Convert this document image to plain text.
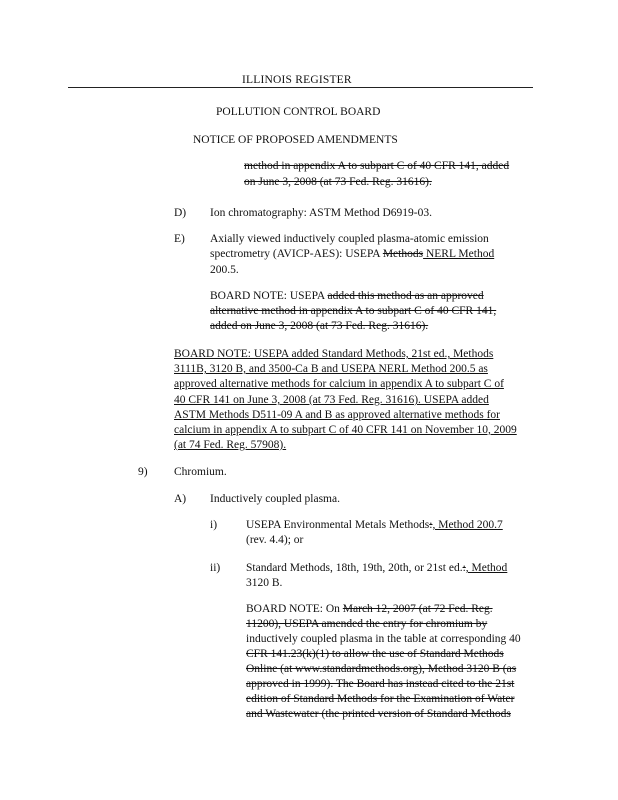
ILLINOIS REGISTER
POLLUTION CONTROL BOARD
NOTICE OF PROPOSED AMENDMENTS
method in appendix A to subpart C of 40 CFR 141, added
on June 3, 2008 (at 73 Fed. Reg. 31616).
D) Ion chromatography: ASTM Method D6919-03.
E) Axially viewed inductively coupled plasma-atomic emission
spectrometry (AVICP-AES): USEPA Methods NERL Method
200.5.
BOARD NOTE: USEPA added this method as an approved
alternative method in appendix A to subpart C of 40 CFR 141,
added on June 3, 2008 (at 73 Fed. Reg. 31616).
BOARD NOTE: USEPA added Standard Methods, 21st ed., Methods
3111B, 3120 B, and 3500-Ca B and USEPA NERL Method 200.5 as
approved alternative methods for calcium in appendix A to subpart C of
40 CFR 141 on June 3, 2008 (at 73 Fed. Reg. 31616). USEPA added
ASTM Methods D511-09 A and B as approved alternative methods for
calcium in appendix A to subpart C of 40 CFR 141 on November 10, 2009
(at 74 Fed. Reg. 57908).
9) Chromium.
A) Inductively coupled plasma.
i)	USEPA Environmental Metals Methods:, Method 200.7
(rev. 4.4); or
ii) Standard Methods, 18th, 19th, 20th, or 21st ed.:, Method
3120 B.
BOARD NOTE: On March 12, 2007 (at 72 Fed. Reg.
11200), USEPA amended the entry for chromium by
inductively coupled plasma in the table at corresponding 40
CFR 141.23(k)(1) to allow the use of Standard Methods
Online (at www.standardmethods.org), Method 3120 B (as
approved in 1999). The Board has instead cited to the 21st
edition of Standard Methods for the Examination of Water
and Wastewater (the printed version of Standard Methods
